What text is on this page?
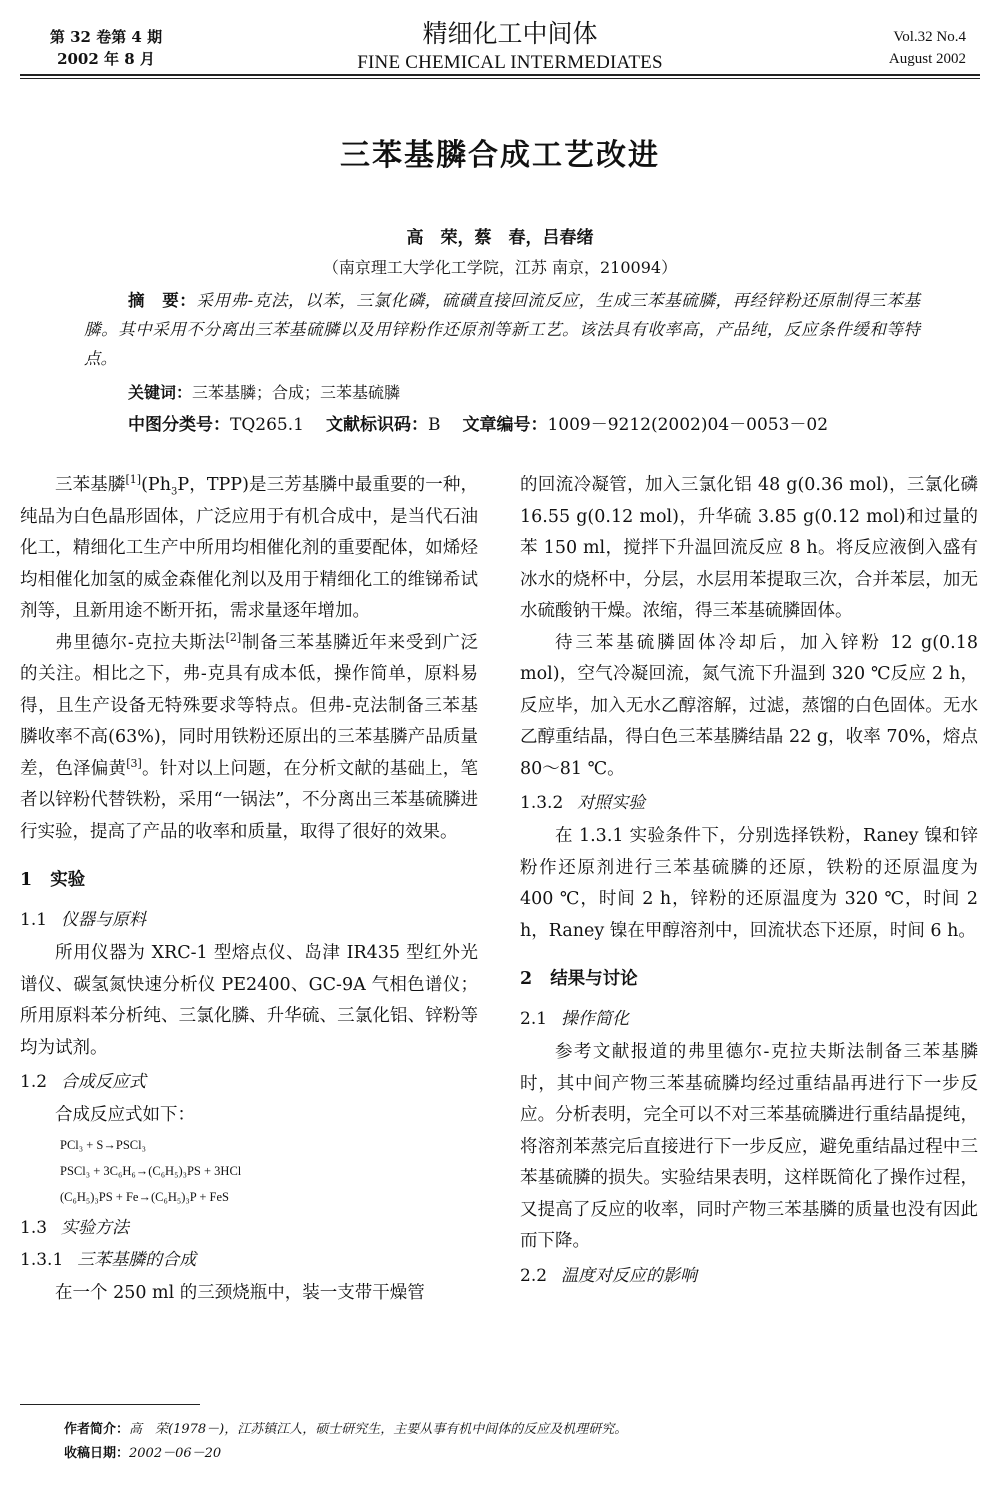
第 32 卷第 4 期
2002 年 8 月
精细化工中间体
FINE CHEMICAL INTERMEDIATES
Vol.32 No.4
August 2002
三苯基膦合成工艺改进
高　荣，蔡　春，吕春绪
（南京理工大学化工学院，江苏 南京，210094）
摘　要：采用弗-克法，以苯，三氯化磷，硫磺直接回流反应，生成三苯基硫膦，再经锌粉还原制得三苯基膦。其中采用不分离出三苯基硫膦以及用锌粉作还原剂等新工艺。该法具有收率高，产品纯，反应条件缓和等特点。
关键词：三苯基膦；合成；三苯基硫膦
中图分类号：TQ265.1 文献标识码：B 文章编号：1009－9212(2002)04－0053－02

三苯基膦$[1](Ph_3P$，TPP)是三芳基膦中最重要的一种，纯品为白色晶形固体，广泛应用于有机合成中，是当代石油化工，精细化工生产中所用均相催化剂的重要配体，如烯烃均相催化加氢的威金森催化剂以及用于精细化工的维锑希试剂等，且新用途不断开拓，需求量逐年增加。

弗里德尔-克拉夫斯法[2]制备三苯基膦近年来受到广泛的关注。相比之下，弗-克具有成本低，操作简单，原料易得，且生产设备无特殊要求等特点。但弗-克法制备三苯基膦收率不高(63%)，同时用铁粉还原出的三苯基膦产品质量差，色泽偏黄[3]。针对以上问题，在分析文献的基础上，笔者以锌粉代替铁粉，采用“一锅法”，不分离出三苯基硫膦进行实验，提高了产品的收率和质量，取得了很好的效果。

1 实验
1.1 仪器与原料

所用仪器为 XRC-1 型熔点仪、岛津 IR435 型红外光谱仪、碳氢氮快速分析仪 PE2400、GC-9A 气相色谱仪；所用原料苯分析纯、三氯化膦、升华硫、三氯化铝、锌粉等均为试剂。

1.2 合成反应式
合成反应式如下：
PCl₃ + S→PSCl₃
PSCl₃ + 3C₆H₆→(C₆H₅)₃PS + 3HCl
(C₆H₅)₃PS + Fe→(C₆H₅)₃P + FeS
1.3 实验方法
1.3.1 三苯基膦的合成

在一个 250 ml 的三颈烧瓶中，装一支带干燥管

的回流冷凝管，加入三氯化铝 48 g(0.36 mol)，三氯化磷 16.55 g(0.12 mol)，升华硫 3.85 g(0.12 mol)和过量的苯 150 ml，搅拌下升温回流反应 8 h。将反应液倒入盛有冰水的烧杯中，分层，水层用苯提取三次，合并苯层，加无水硫酸钠干燥。浓缩，得三苯基硫膦固体。

待三苯基硫膦固体冷却后，加入锌粉 12 g(0.18 mol)，空气冷凝回流，氮气流下升温到 320 ℃反应 2 h，反应毕，加入无水乙醇溶解，过滤，蒸馏的白色固体。无水乙醇重结晶，得白色三苯基膦结晶 22 g，收率 70%，熔点 80～81 ℃。

1.3.2 对照实验

在 1.3.1 实验条件下，分别选择铁粉，Raney 镍和锌粉作还原剂进行三苯基硫膦的还原，铁粉的还原温度为 400 ℃，时间 2 h，锌粉的还原温度为 320 ℃，时间 2 h，Raney 镍在甲醇溶剂中，回流状态下还原，时间 6 h。

2 结果与讨论
2.1 操作简化

参考文献报道的弗里德尔-克拉夫斯法制备三苯基膦时，其中间产物三苯基硫膦均经过重结晶再进行下一步反应。分析表明，完全可以不对三苯基硫膦进行重结晶提纯，将溶剂苯蒸完后直接进行下一步反应，避免重结晶过程中三苯基硫膦的损失。实验结果表明，这样既简化了操作过程，又提高了反应的收率，同时产物三苯基膦的质量也没有因此而下降。

2.2 温度对反应的影响
作者简介：高　荣(1978－)，江苏镇江人，硕士研究生，主要从事有机中间体的反应及机理研究。
收稿日期：2002－06－20
